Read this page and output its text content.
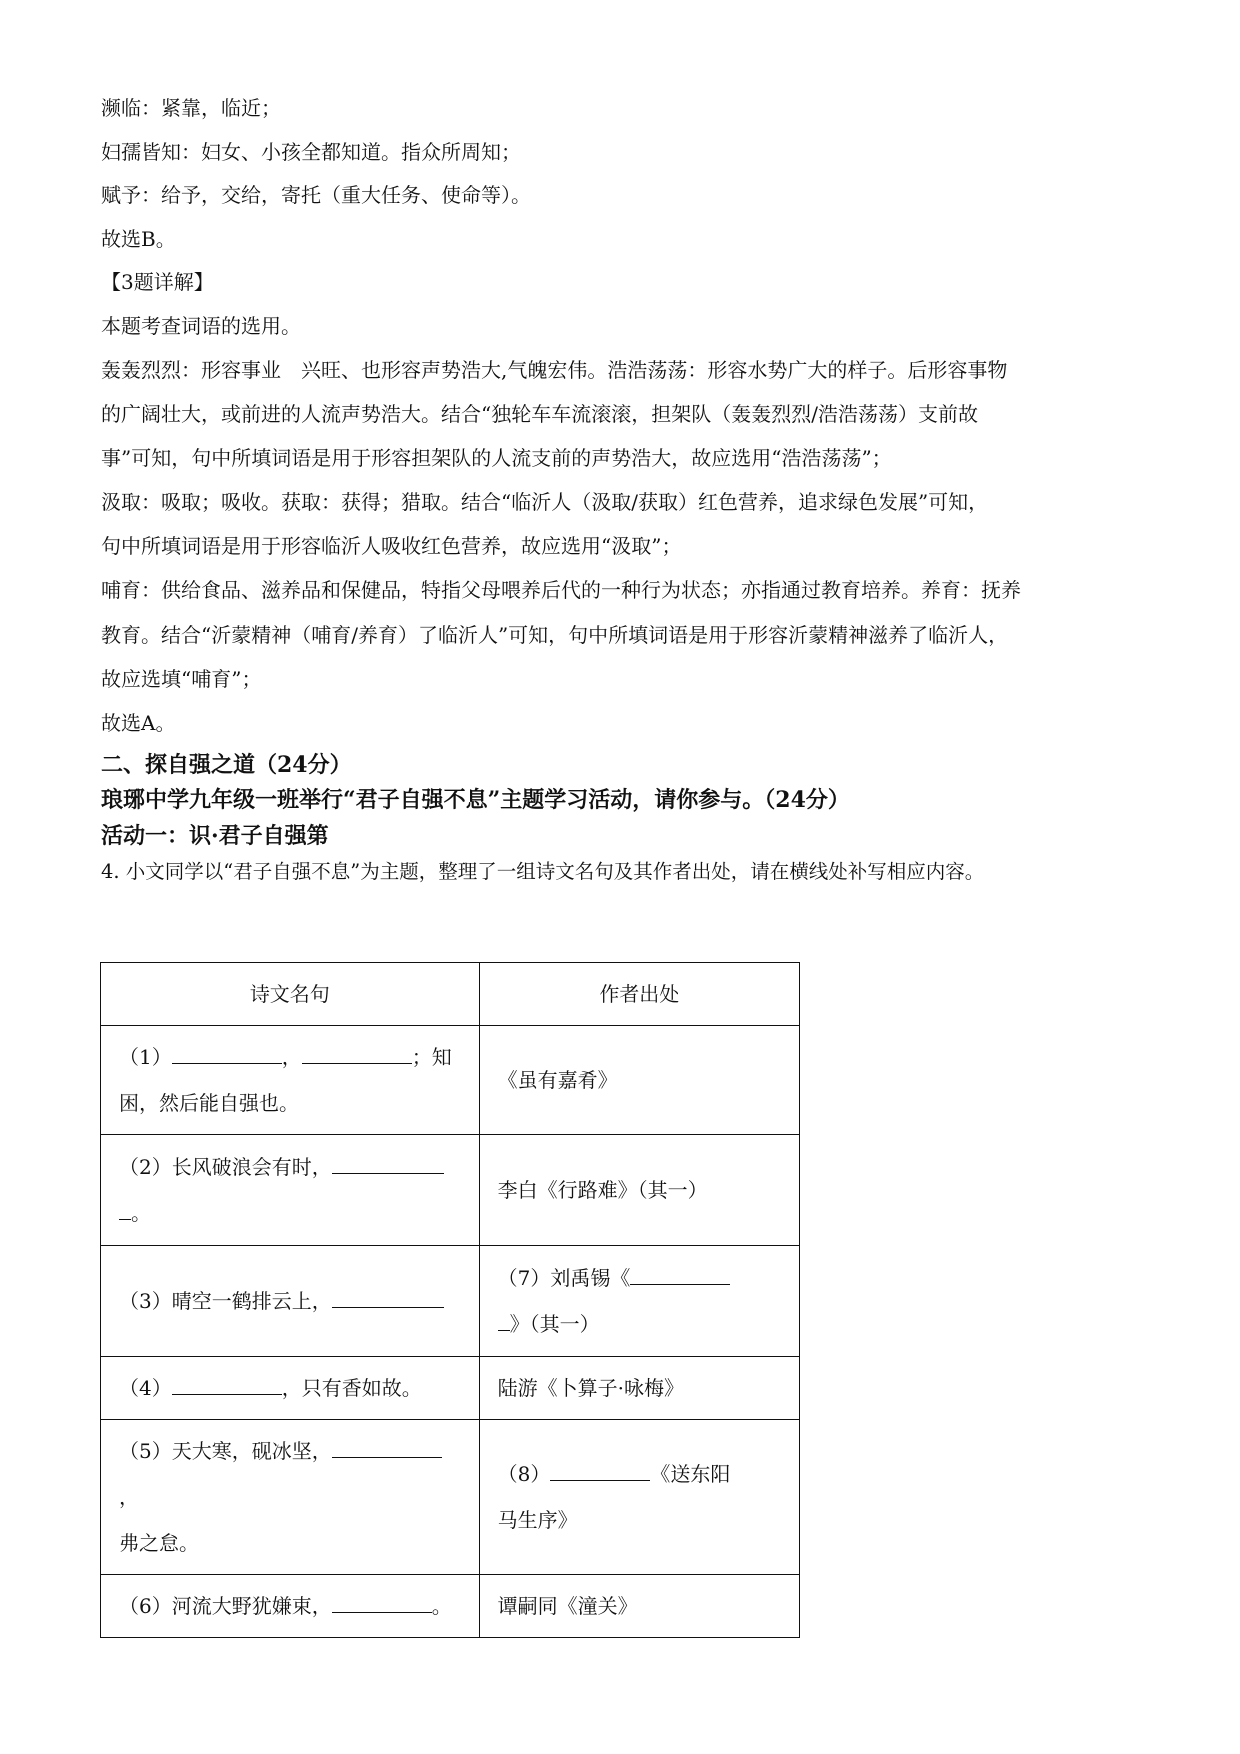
濒临：紧靠，临近；
妇孺皆知：妇女、小孩全都知道。指众所周知；
赋予：给予，交给，寄托（重大任务、使命等）。
故选B。
【3题详解】
本题考查词语的选用。
轰轰烈烈：形容事业　兴旺、也形容声势浩大,气魄宏伟。浩浩荡荡：形容水势广大的样子。后形容事物
的广阔壮大，或前进的人流声势浩大。结合“独轮车车流滚滚，担架队（轰轰烈烈/浩浩荡荡）支前故
事”可知，句中所填词语是用于形容担架队的人流支前的声势浩大，故应选用“浩浩荡荡”；
汲取：吸取；吸收。获取：获得；猎取。结合“临沂人（汲取/获取）红色营养，追求绿色发展”可知，
句中所填词语是用于形容临沂人吸收红色营养，故应选用“汲取”；
哺育：供给食品、滋养品和保健品，特指父母喂养后代的一种行为状态；亦指通过教育培养。养育：抚养
教育。结合“沂蒙精神（哺育/养育）了临沂人”可知，句中所填词语是用于形容沂蒙精神滋养了临沂人，
故应选填“哺育”；
故选A。
二、探自强之道（24分）
琅琊中学九年级一班举行“君子自强不息”主题学习活动，请你参与。（24分）
活动一：识·君子自强第
4. 小文同学以“君子自强不息”为主题，整理了一组诗文名句及其作者出处，请在横线处补写相应内容。
诗文名句	作者出处
（1） ， ；知
困，然后能自强也。	《虽有嘉肴》
（2）长风破浪会有时，
。	李白《行路难》（其一）
（3）晴空一鹤排云上，	（7）刘禹锡《
》（其一）
（4） ，只有香如故。	陆游《卜算子·咏梅》
（5）天大寒，砚冰坚，，
弗之怠。	（8） 《送东阳
马生序》
（6）河流大野犹嫌束， 。	谭嗣同《潼关》
